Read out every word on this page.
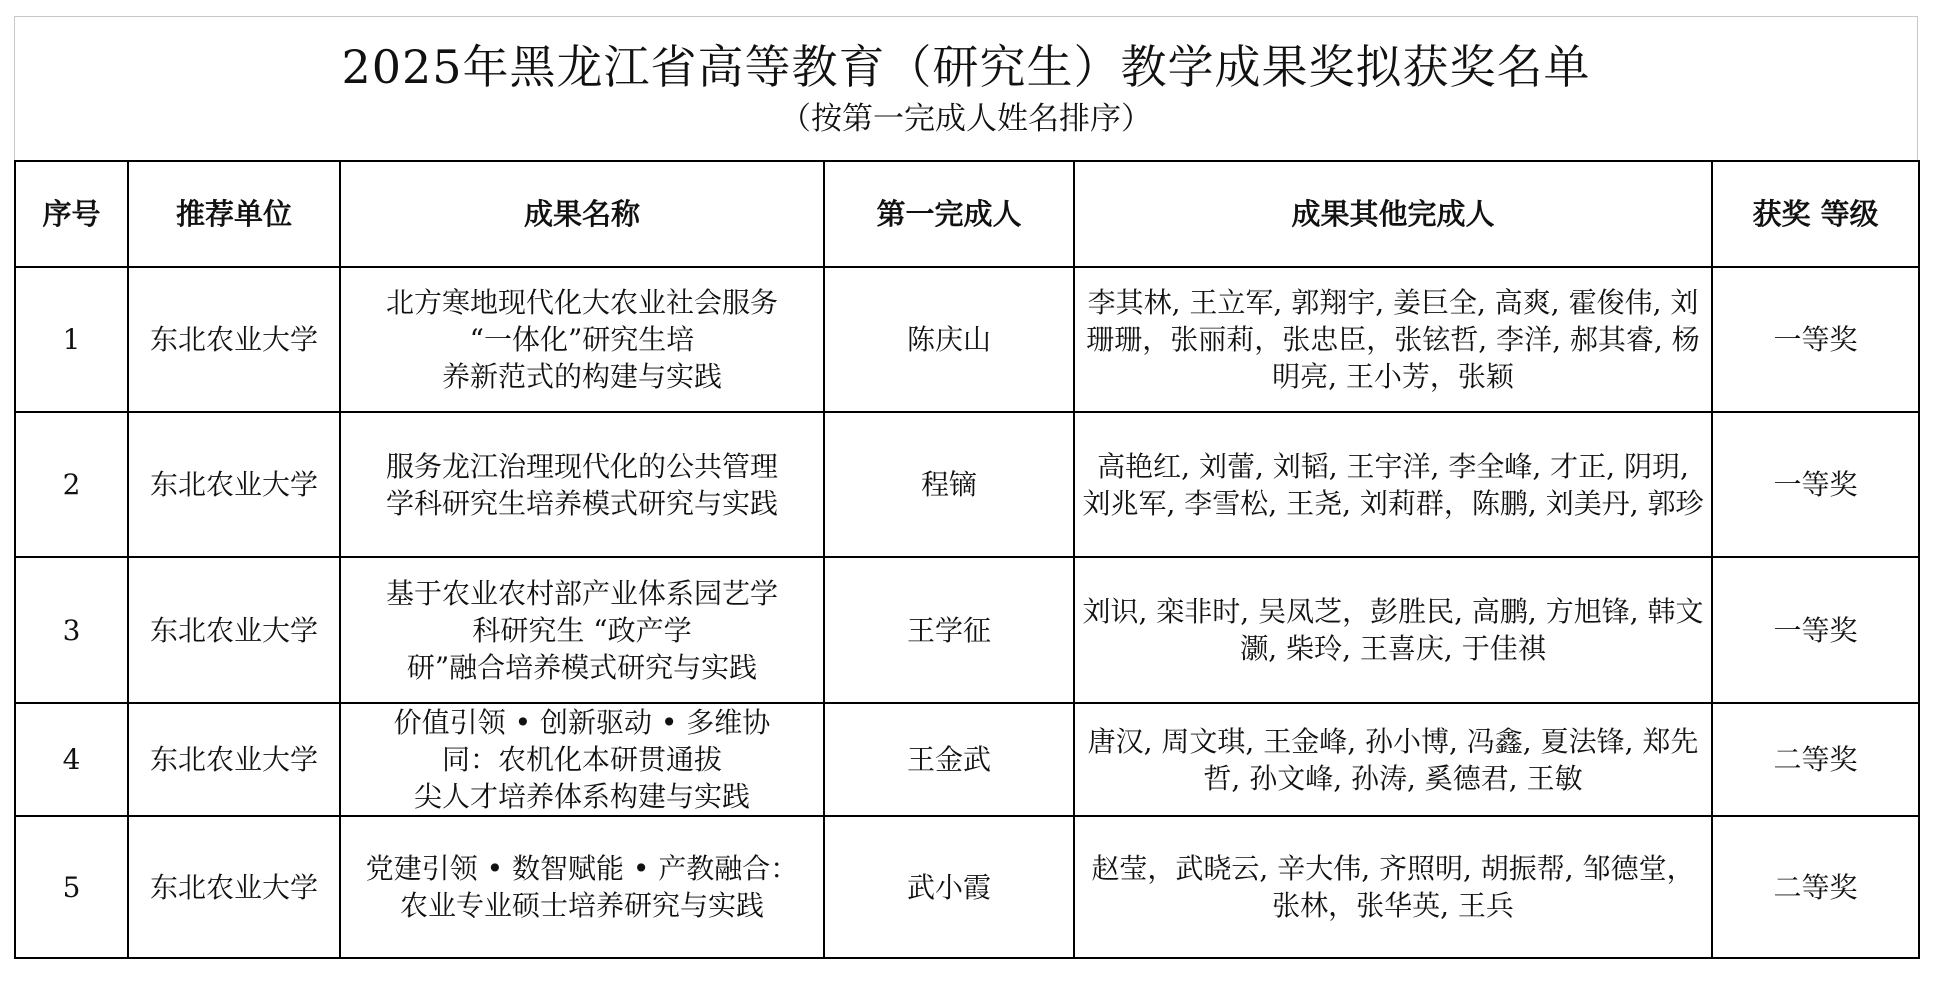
2025年黑龙江省高等教育（研究生）教学成果奖拟获奖名单
（按第一完成人姓名排序）
序号	推荐单位	成果名称	第一完成人	成果其他完成人	获奖 等级
1	东北农业大学	北方寒地现代化大农业社会服务
“一体化”研究生培
养新范式的构建与实践	陈庆山	李其林, 王立军, 郭翔宇, 姜巨全, 高爽, 霍俊伟, 刘珊珊，张丽莉，张忠臣，张铉哲, 李洋, 郝其睿, 杨明亮, 王小芳，张颖	一等奖
2	东北农业大学	服务龙江治理现代化的公共管理
学科研究生培养模式研究与实践	程镝	高艳红, 刘蕾, 刘韬, 王宇洋, 李全峰, 才正, 阴玥, 刘兆军, 李雪松, 王尧, 刘莉群，陈鹏, 刘美丹, 郭珍	一等奖
3	东北农业大学	基于农业农村部产业体系园艺学
科研究生 “政产学
研”融合培养模式研究与实践	王学征	刘识, 栾非时, 吴凤芝，彭胜民, 高鹏, 方旭锋, 韩文灏, 柴玲, 王喜庆, 于佳祺	一等奖
4	东北农业大学	价值引领 • 创新驱动 • 多维协
同：农机化本研贯通拔
尖人才培养体系构建与实践	王金武	唐汉, 周文琪, 王金峰, 孙小博, 冯鑫, 夏法锋, 郑先哲, 孙文峰, 孙涛, 奚德君, 王敏	二等奖
5	东北农业大学	党建引领 • 数智赋能 • 产教融合：
农业专业硕士培养研究与实践	武小霞	赵莹，武晓云, 辛大伟, 齐照明, 胡振帮, 邹德堂，张林，张华英, 王兵	二等奖
